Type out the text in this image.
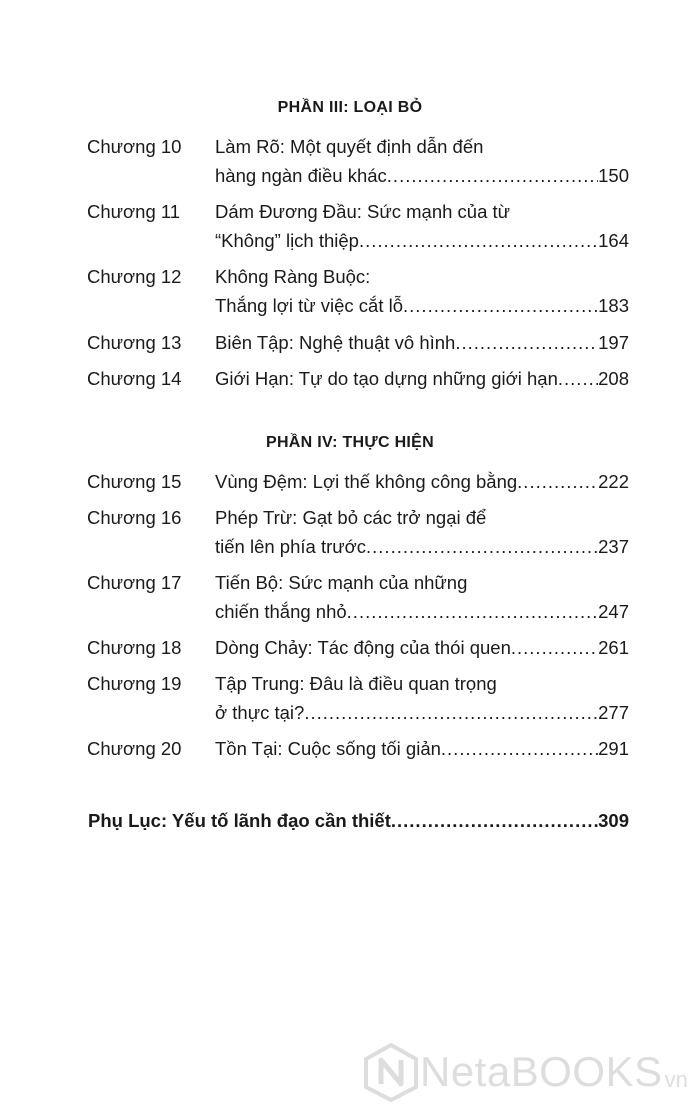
PHẦN III: LOẠI BỎ
Chương 10 Làm Rõ: Một quyết định dẫn đến
hàng ngàn điều khác .....	150
Chương 11 Dám Đương Đầu: Sức mạnh của từ
“Không” lịch thiệp .....	164
Chương 12 Không Ràng Buộc:
Thắng lợi từ việc cắt lỗ .....	183
Chương 13 Biên Tập: Nghệ thuật vô hình .....	197
Chương 14 Giới Hạn: Tự do tạo dựng những giới hạn ..... 208
PHẦN IV: THỰC HIỆN
Chương 15 Vùng Đệm: Lợi thế không công bằng .....	222
Chương 16 Phép Trừ: Gạt bỏ các trở ngại để
tiến lên phía trước .....	237
Chương 17 Tiến Bộ: Sức mạnh của những
chiến thắng nhỏ .....	247
Chương 18 Dòng Chảy: Tác động của thói quen .....	261
Chương 19 Tập Trung: Đâu là điều quan trọng
ở thực tại? .....	277
Chương 20 Tồn Tại: Cuộc sống tối giản .....	291
Phụ Lục: Yếu tố lãnh đạo cần thiết .....	309
NetaBOOKS vn
